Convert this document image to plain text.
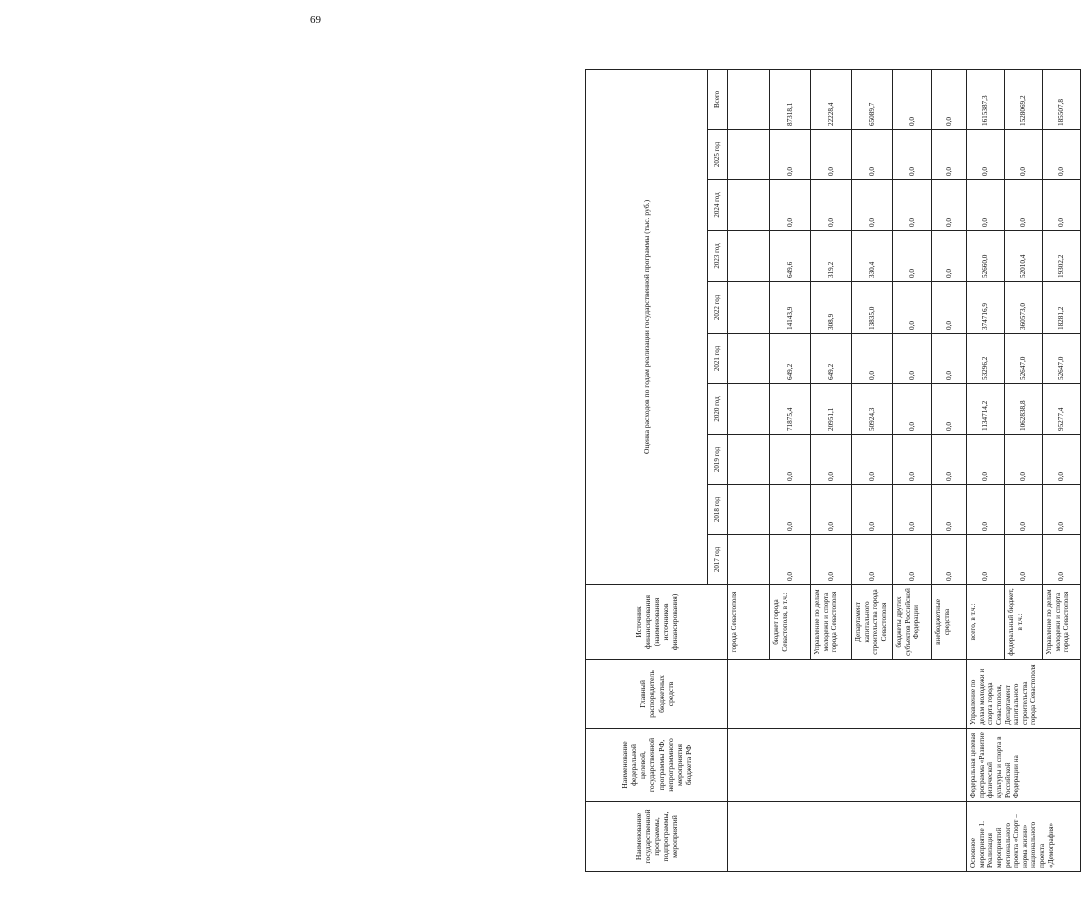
69
Наименование государственной программы, подпрограммы, мероприятий	Наименование федеральной целевой, государственной программы РФ, непрограммного мероприятия бюджета РФ	Главный распорядитель бюджетных средств	Источник финансирования (наименования источников финансирования)	Оценка расходов по годам реализации государственной программы (тыс. руб.)									
				2017 год	2018 год	2019 год	2020 год	2021 год	2022 год	2023 год	2024 год	2025 год	Всего
			города Севастополя										
			бюджет города Севастополя, в т.ч.:	0,0	0,0	0,0	71875,4	649,2	14143,9	649,6	0,0	0,0	87318,1
			Управление по делам молодежи и спорта города Севастополя	0,0	0,0	0,0	20951,1	649,2	308,9	319,2	0,0	0,0	22228,4
			Департамент капитального строительства города Севастополя	0,0	0,0	0,0	50924,3	0,0	13835,0	330,4	0,0	0,0	65089,7
			бюджеты других субъектов Российской Федерации	0,0	0,0	0,0	0,0	0,0	0,0	0,0	0,0	0,0	0,0
			внебюджетные средства	0,0	0,0	0,0	0,0	0,0	0,0	0,0	0,0	0,0	0,0
Основное мероприятие 1. Реализация мероприятий регионального проекта «Спорт – норма жизни» национального проекта «Демография»	Федеральная целевая программа «Развитие физической культуры и спорта в Российской Федерации на	Управление по делам молодежи и спорта города Севастополя, Департамент капитального строительства города Севастополя	всего, в т.ч.:	0,0	0,0	0,0	1134714,2	53296,2	374716,9	52660,0	0,0	0,0	1615387,3
			федеральный бюджет, в т.ч.:	0,0	0,0	0,0	1062838,8	52647,0	360573,0	52010,4	0,0	0,0	1528069,2
			Управление по делам молодежи и спорта города Севастополя	0,0	0,0	0,0	95277,4	52647,0	18281,2	19302,2	0,0	0,0	185507,8
